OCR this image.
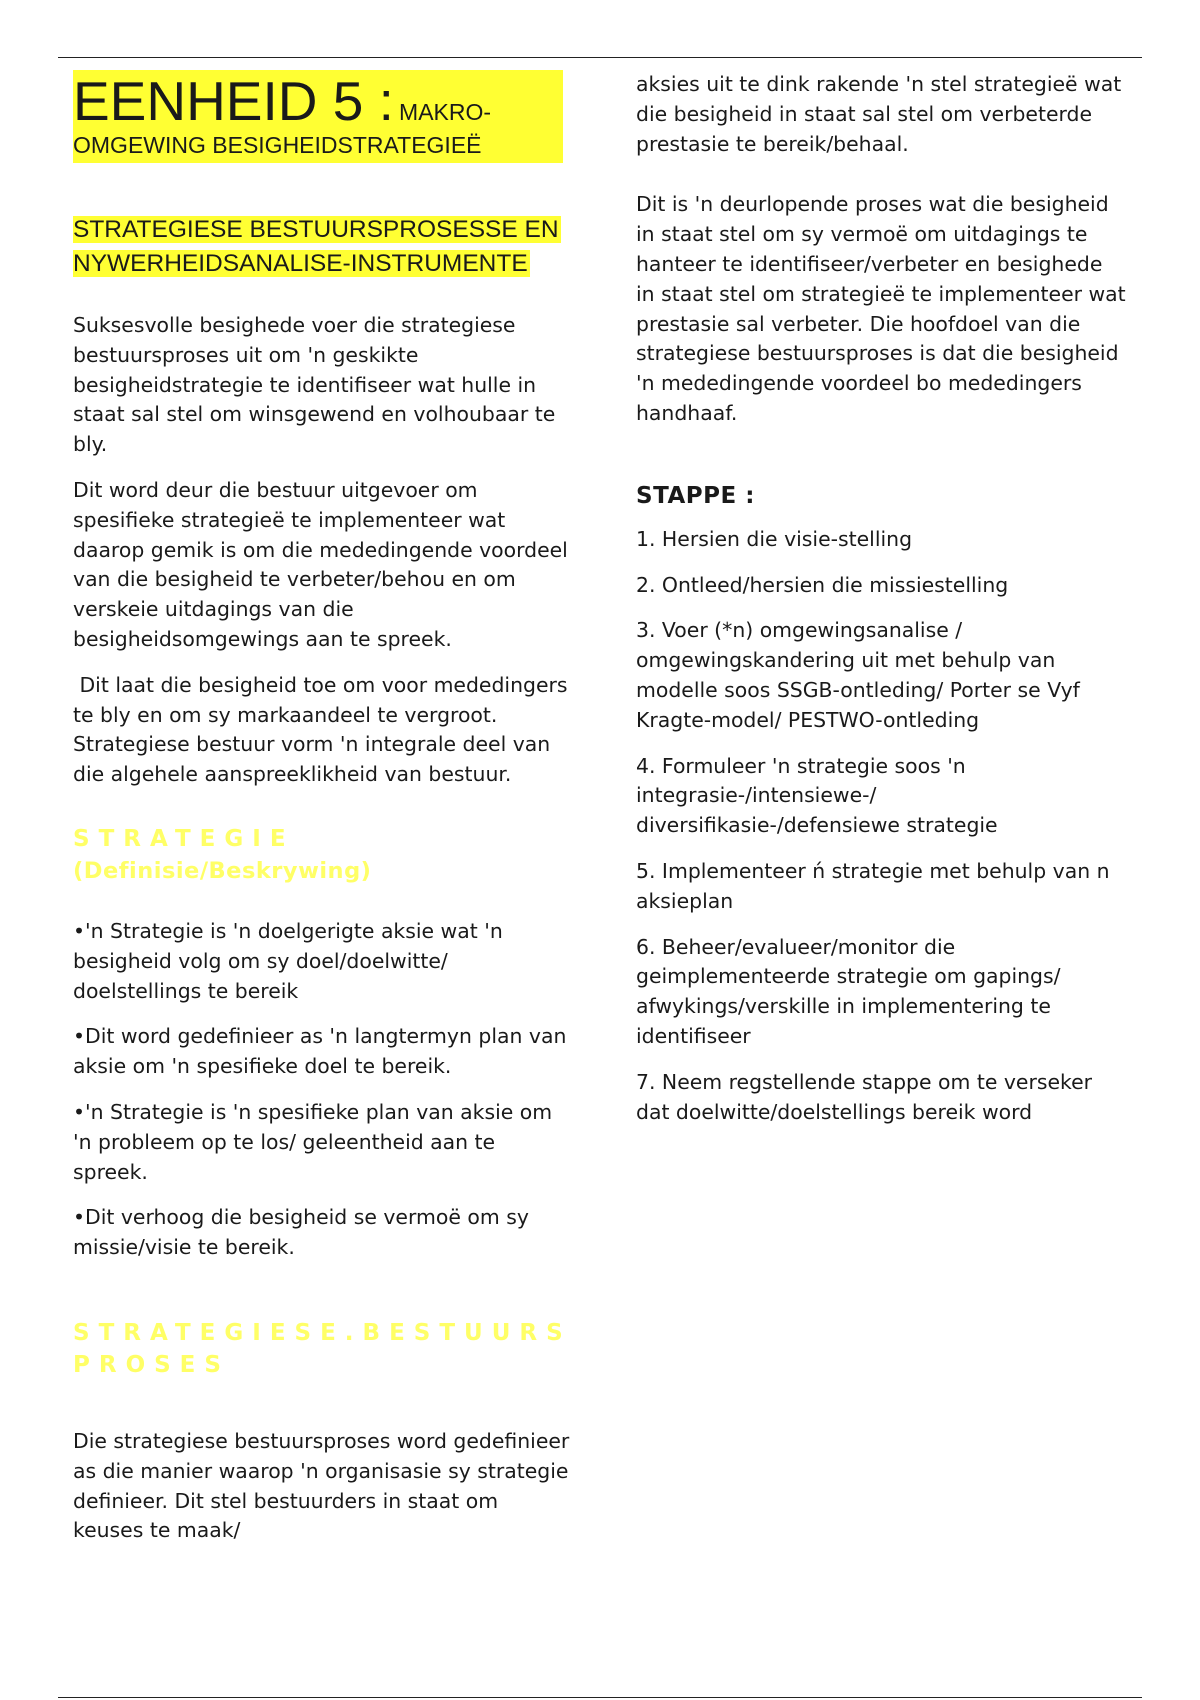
EENHEID 5 : MAKRO-
OMGEWING BESIGHEIDSTRATEGIEË
STRATEGIESE BESTUURSPROSESSE EN
NYWERHEIDSANALISE-INSTRUMENTE

Suksesvolle besighede voer die strategiese bestuursproses uit om 'n geskikte besigheidstrategie te identifiseer wat hulle in staat sal stel om winsgewend en volhoubaar te bly.

Dit word deur die bestuur uitgevoer om spesifieke strategieë te implementeer wat daarop gemik is om die mededingende voordeel van die besigheid te verbeter/behou en om verskeie uitdagings van die besigheidsomgewings aan te spreek.

Dit laat die besigheid toe om voor mededingers te bly en om sy markaandeel te vergroot. Strategiese bestuur vorm 'n integrale deel van die algehele aanspreeklikheid van bestuur.

STRATEGIE

(Definisie/Beskrywing)

•'n Strategie is 'n doelgerigte aksie wat 'n besigheid volg om sy doel/doelwitte/ doelstellings te bereik

•Dit word gedefinieer as 'n langtermyn plan van aksie om 'n spesifieke doel te bereik.

•'n Strategie is 'n spesifieke plan van aksie om 'n probleem op te los/ geleentheid aan te spreek.

•Dit verhoog die besigheid se vermoë om sy missie/visie te bereik.

STRATEGIESE.BESTUURS

PROSES

Die strategiese bestuursproses word gedefinieer as die manier waarop 'n organisasie sy strategie definieer. Dit stel bestuurders in staat om keuses te maak/

aksies uit te dink rakende 'n stel strategieë wat die besigheid in staat sal stel om verbeterde prestasie te bereik/behaal.

Dit is 'n deurlopende proses wat die besigheid in staat stel om sy vermoë om uitdagings te hanteer te identifiseer/verbeter en besighede in staat stel om strategieë te implementeer wat prestasie sal verbeter. Die hoofdoel van die strategiese bestuursproses is dat die besigheid 'n mededingende voordeel bo mededingers handhaaf.

STAPPE :

1. Hersien die visie-stelling

2. Ontleed/hersien die missiestelling

3. Voer (*n) omgewingsanalise / omgewingskandering uit met behulp van modelle soos SSGB-ontleding/ Porter se Vyf Kragte-model/ PESTWO-ontleding

4. Formuleer 'n strategie soos 'n integrasie-/intensiewe-/ diversifikasie-/defensiewe strategie

5. Implementeer ń strategie met behulp van n aksieplan

6. Beheer/evalueer/monitor die geimplementeerde strategie om gapings/ afwykings/verskille in implementering te identifiseer

7. Neem regstellende stappe om te verseker dat doelwitte/doelstellings bereik word
